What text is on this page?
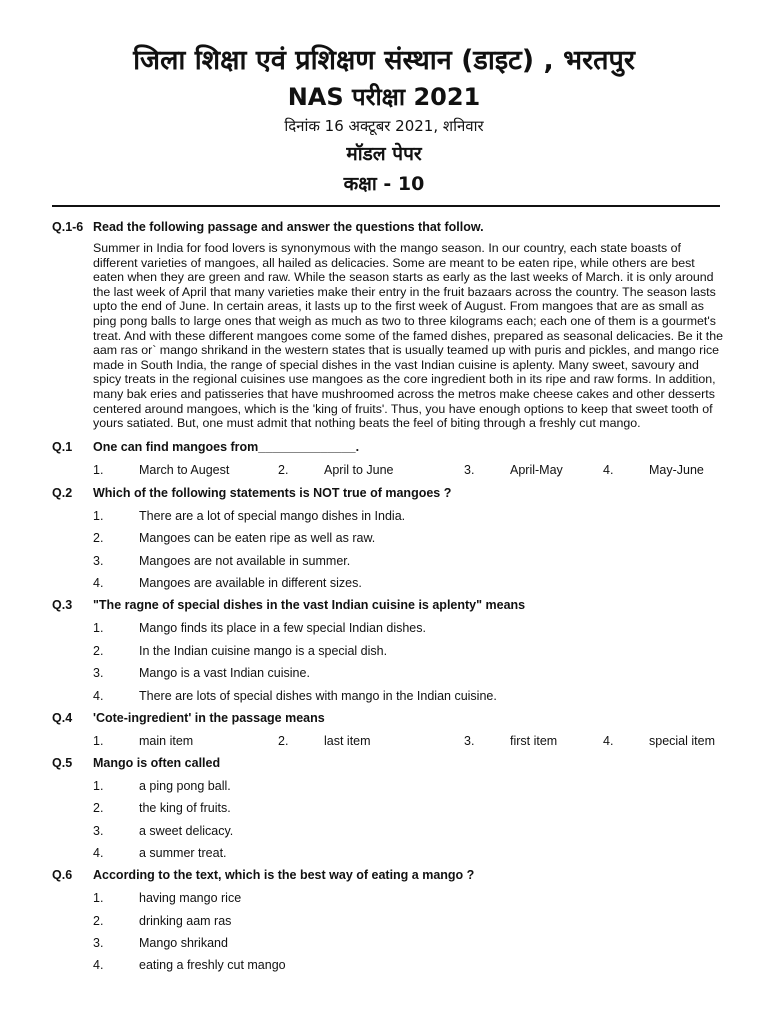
जिला शिक्षा एवं प्रशिक्षण संस्थान (डाइट) , भरतपुर
NAS परीक्षा 2021
दिनांक 16 अक्टूबर 2021, शनिवार
मॉडल पेपर
कक्षा - 10
Q.1-6 Read the following passage and answer the questions that follow.
Summer in India for food lovers is synonymous with the mango season. In our country, each state boasts of different varieties of mangoes, all hailed as delicacies. Some are meant to be eaten ripe, while others are best eaten when they are green and raw. While the season starts as early as the last weeks of March. it is only around the last week of April that many varieties make their entry in the fruit bazaars across the country. The season lasts upto the end of June. In certain areas, it lasts up to the first week of August. From mangoes that are as small as ping pong balls to large ones that weigh as much as two to three kilograms each; each one of them is a gourmet's treat. And with these different mangoes come some of the famed dishes, prepared as seasonal delicacies. Be it the aam ras or` mango shrikand in the western states that is usually teamed up with puris and pickles, and mango rice made in South India, the range of special dishes in the vast Indian cuisine is aplenty. Many sweet, savoury and spicy treats in the regional cuisines use mangoes as the core ingredient both in its ripe and raw forms. In addition, many bak eries and patisseries that have mushroomed across the metros make cheese cakes and other desserts centered around mangoes, which is the 'king of fruits'. Thus, you have enough options to keep that sweet tooth of yours satiated. But, one must admit that nothing beats the feel of biting through a freshly cut mango.
Q.1 One can find mangoes from______________.
1.	March to Augest	2.	April to June	3.	April-May	4.	May-June
Q.2 Which of the following statements is NOT true of mangoes ?
1.	There are a lot of special mango dishes in India.
2.	Mangoes can be eaten ripe as well as raw.
3.	Mangoes are not available in summer.
4.	Mangoes are available in different sizes.
Q.3 "The ragne of special dishes in the vast Indian cuisine is aplenty" means
1.	Mango finds its place in a few special Indian dishes.
2.	In the Indian cuisine mango is a special dish.
3.	Mango is a vast Indian cuisine.
4.	There are lots of special dishes with mango in the Indian cuisine.
Q.4 'Cote-ingredient' in the passage means
1.	main item	2.	last item	3.	first item	4.	special item
Q.5 Mango is often called
1.	a ping pong ball.
2.	the king of fruits.
3.	a sweet delicacy.
4.	a summer treat.
Q.6 According to the text, which is the best way of eating a mango ?
1.	having mango rice
2.	drinking aam ras
3.	Mango shrikand
4.	eating a freshly cut mango
